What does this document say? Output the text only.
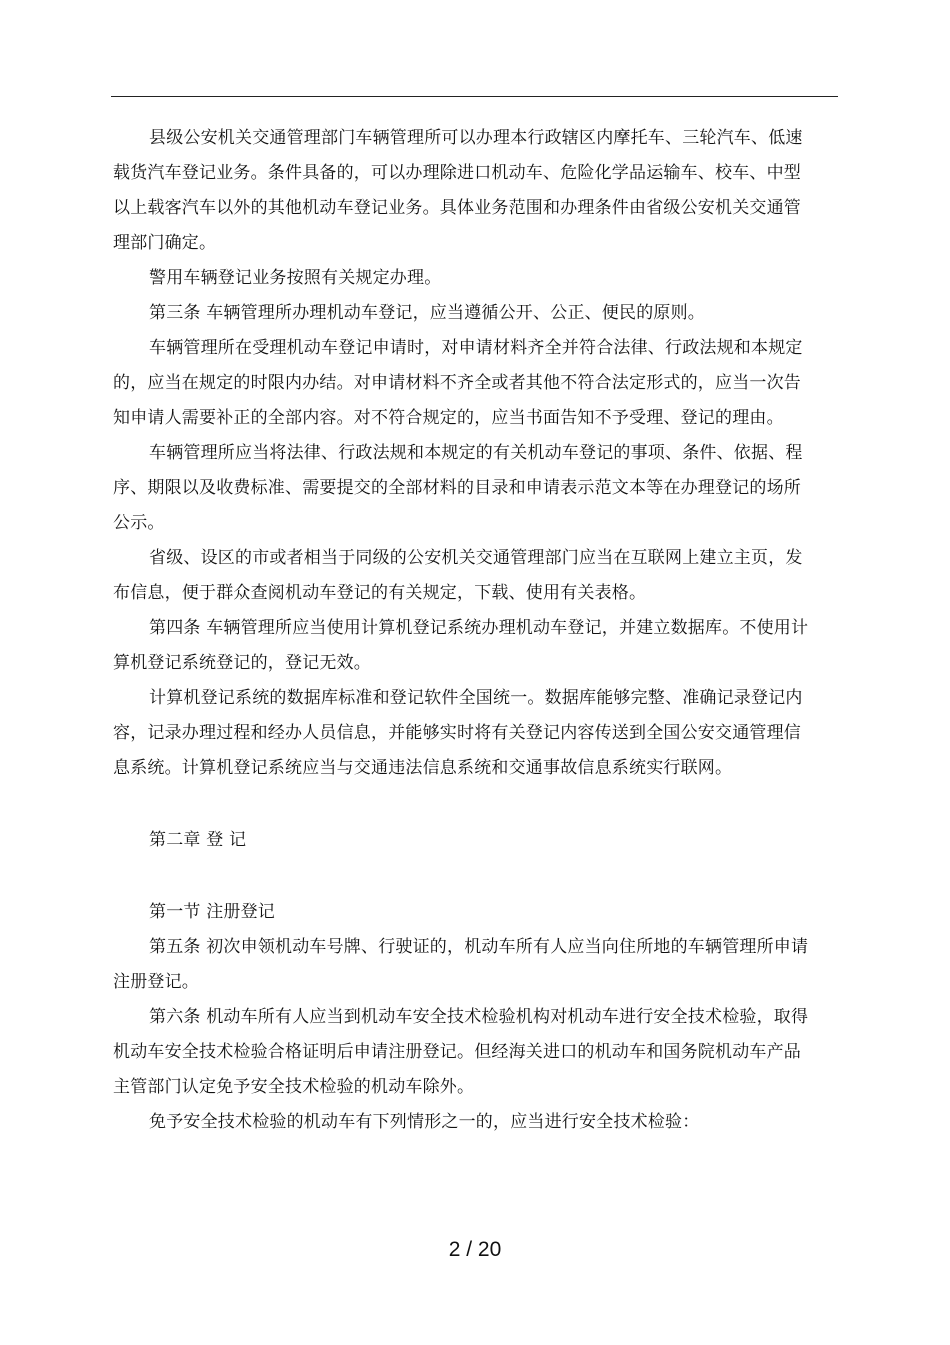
县级公安机关交通管理部门车辆管理所可以办理本行政辖区内摩托车、三轮汽车、低速载货汽车登记业务。条件具备的，可以办理除进口机动车、危险化学品运输车、校车、中型以上载客汽车以外的其他机动车登记业务。具体业务范围和办理条件由省级公安机关交通管理部门确定。

警用车辆登记业务按照有关规定办理。

第三条 车辆管理所办理机动车登记，应当遵循公开、公正、便民的原则。

车辆管理所在受理机动车登记申请时，对申请材料齐全并符合法律、行政法规和本规定的，应当在规定的时限内办结。对申请材料不齐全或者其他不符合法定形式的，应当一次告知申请人需要补正的全部内容。对不符合规定的，应当书面告知不予受理、登记的理由。

车辆管理所应当将法律、行政法规和本规定的有关机动车登记的事项、条件、依据、程序、期限以及收费标准、需要提交的全部材料的目录和申请表示范文本等在办理登记的场所公示。

省级、设区的市或者相当于同级的公安机关交通管理部门应当在互联网上建立主页，发布信息，便于群众查阅机动车登记的有关规定，下载、使用有关表格。

第四条 车辆管理所应当使用计算机登记系统办理机动车登记，并建立数据库。不使用计算机登记系统登记的，登记无效。

计算机登记系统的数据库标准和登记软件全国统一。数据库能够完整、准确记录登记内容，记录办理过程和经办人员信息，并能够实时将有关登记内容传送到全国公安交通管理信息系统。计算机登记系统应当与交通违法信息系统和交通事故信息系统实行联网。

第二章 登 记

第一节 注册登记

第五条 初次申领机动车号牌、行驶证的，机动车所有人应当向住所地的车辆管理所申请注册登记。

第六条 机动车所有人应当到机动车安全技术检验机构对机动车进行安全技术检验，取得机动车安全技术检验合格证明后申请注册登记。但经海关进口的机动车和国务院机动车产品主管部门认定免予安全技术检验的机动车除外。

免予安全技术检验的机动车有下列情形之一的，应当进行安全技术检验：

2 / 20
